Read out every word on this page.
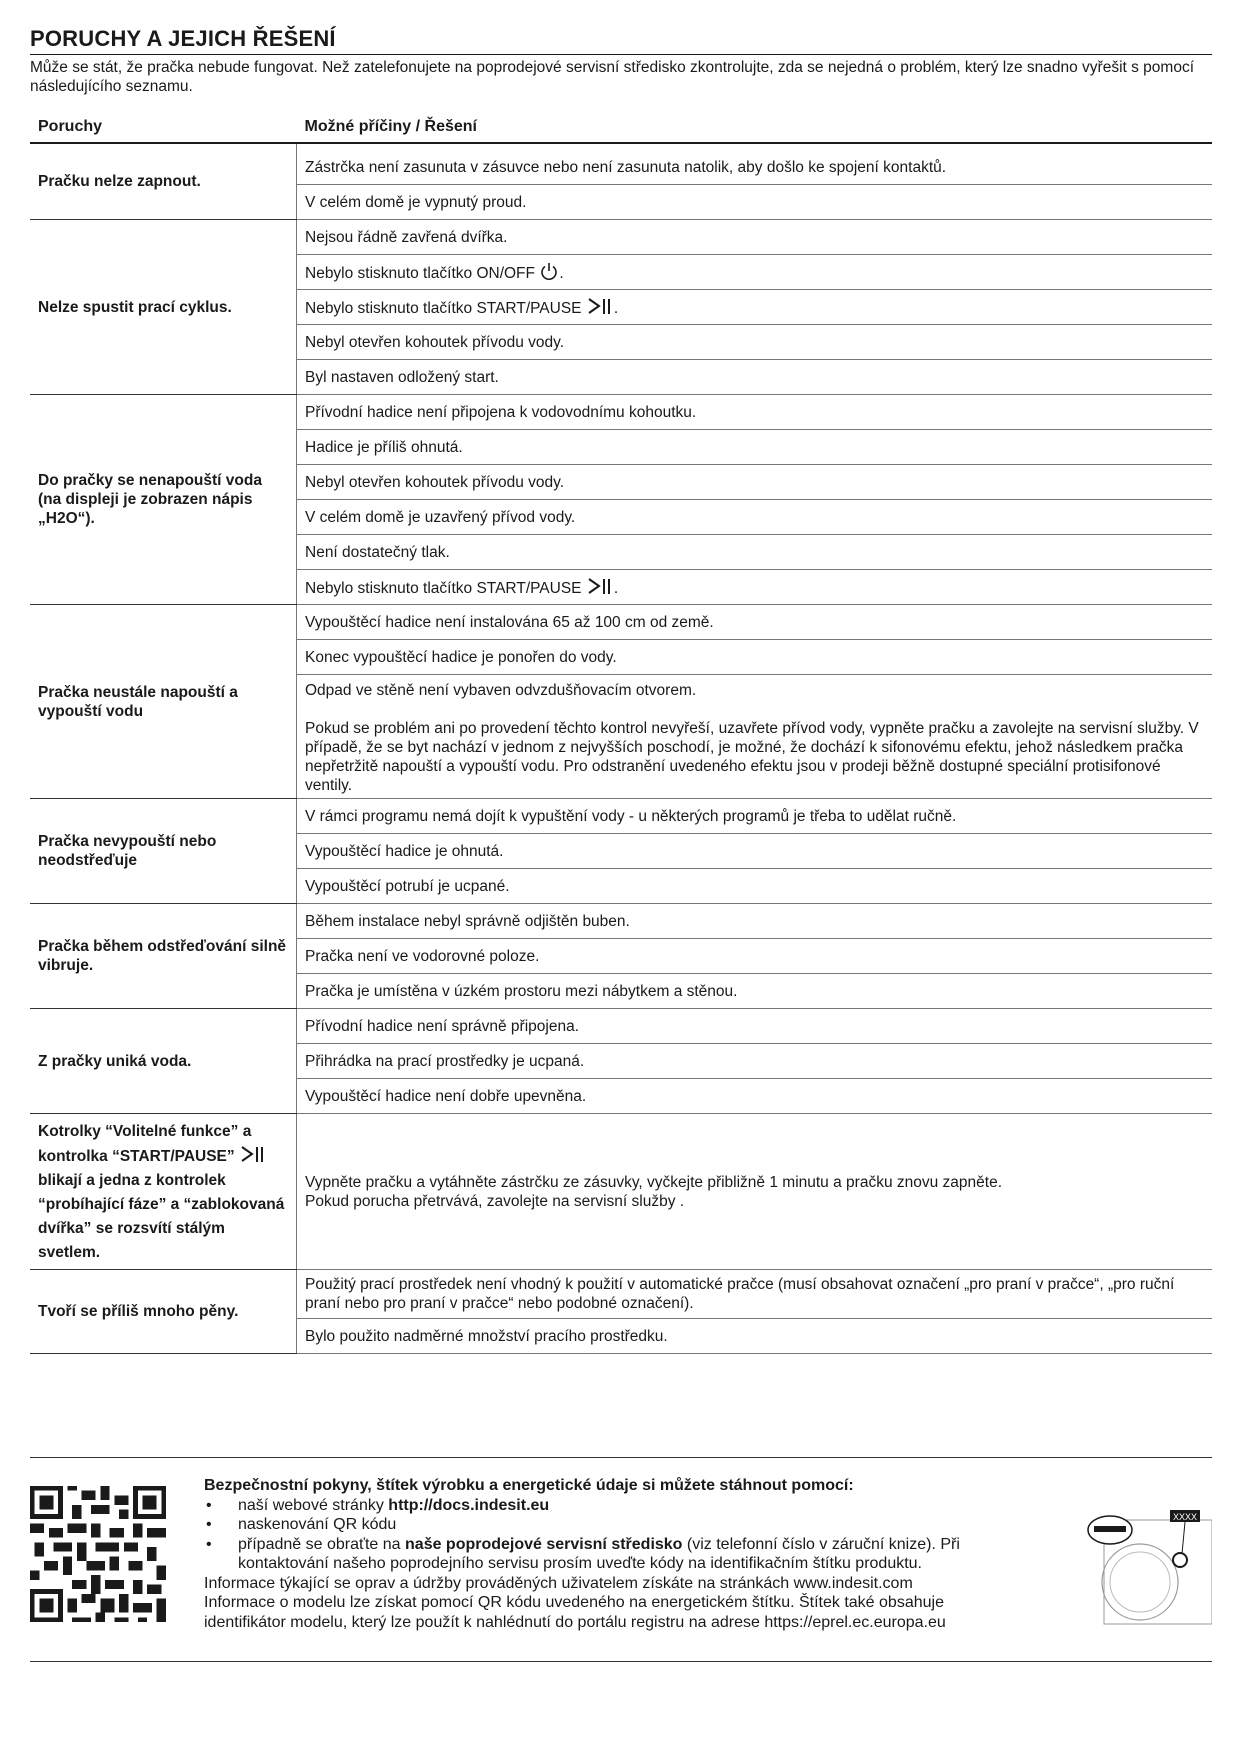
PORUCHY A JEJICH ŘEŠENÍ

Může se stát, že pračka nebude fungovat. Než zatelefonujete na poprodejové servisní středisko zkontrolujte, zda se nejedná o problém, který lze snadno vyřešit s pomocí následujícího seznamu.

Poruchy	Možné příčiny / Řešení
Pračku nelze zapnout.	
	Zástrčka není zasunuta v zásuvce nebo není zasunuta natolik, aby došlo ke spojení kontaktů.
	V celém domě je vypnutý proud.
Nelze spustit prací cyklus.	Nejsou řádně zavřená dvířka.
	Nebylo stisknuto tlačítko ON/OFF .
	Nebylo stisknuto tlačítko START/PAUSE .
	Nebyl otevřen kohoutek přívodu vody.
	Byl nastaven odložený start.
Do pračky se nenapouští voda (na displeji je zobrazen nápis „H2O“).	Přívodní hadice není připojena k vodovodnímu kohoutku.
	Hadice je příliš ohnutá.
	Nebyl otevřen kohoutek přívodu vody.
	V celém domě je uzavřený přívod vody.
	Není dostatečný tlak.
	Nebylo stisknuto tlačítko START/PAUSE .
Pračka neustále napouští a vypouští vodu	Vypouštěcí hadice není instalována 65 až 100 cm od země.
	Konec vypouštěcí hadice je ponořen do vody.

	Odpad ve stěně není vybaven odvzdušňovacím otvorem.
Pokud se problém ani po provedení těchto kontrol nevyřeší, uzavřete přívod vody, vypněte pračku a zavolejte na servisní služby. V případě, že se byt nachází v jednom z nejvyšších poschodí, je možné, že dochází k sifonovému efektu, jehož následkem pračka nepřetržitě napouští a vypouští vodu. Pro odstranění uvedeného efektu jsou v prodeji běžně dostupné speciální protisifonové ventily.

Pračka nevypouští nebo neodstřeďuje	V rámci programu nemá dojít k vypuštění vody - u některých programů je třeba to udělat ručně.
	Vypouštěcí hadice je ohnutá.
	Vypouštěcí potrubí je ucpané.
Pračka během odstřeďování silně vibruje.	Během instalace nebyl správně odjištěn buben.
	Pračka není ve vodorovné poloze.
	Pračka je umístěna v úzkém prostoru mezi nábytkem a stěnou.
Z pračky uniká voda.	Přívodní hadice není správně připojena.
	Přihrádka na prací prostředky je ucpaná.
	Vypouštěcí hadice není dobře upevněna.
Kotrolky “Volitelné funkce” a kontrolka “START/PAUSE”  blikají a jedna z kontrolek “probíhající fáze” a “zablokovaná dvířka” se rozsvítí stálým svetlem.	Vypněte pračku a vytáhněte zástrčku ze zásuvky, vyčkejte přibližně 1 minutu a pračku znovu zapněte.
Pokud porucha přetrvává, zavolejte na servisní služby .

Tvoří se příliš mnoho pěny.	Použitý prací prostředek není vhodný k použití v automatické pračce (musí obsahovat označení „pro praní v pračce“, „pro ruční praní nebo pro praní v pračce“ nebo podobné označení).
	Bylo použito nadměrné množství pracího prostředku.
Bezpečnostní pokyny, štítek výrobku a energetické údaje si můžete stáhnout pomocí:
• naší webové stránky http://docs.indesit.eu
• naskenování QR kódu
• případně se obraťte na naše poprodejové servisní středisko (viz telefonní číslo v záruční knize). Při kontaktování našeho poprodejního servisu prosím uveďte kódy na identifikačním štítku produktu.
Informace týkající se oprav a údržby prováděných uživatelem získáte na stránkách www.indesit.com
Informace o modelu lze získat pomocí QR kódu uvedeného na energetickém štítku. Štítek také obsahuje identifikátor modelu, který lze použít k nahlédnutí do portálu registru na adrese https://eprel.ec.europa.eu
XXXX
